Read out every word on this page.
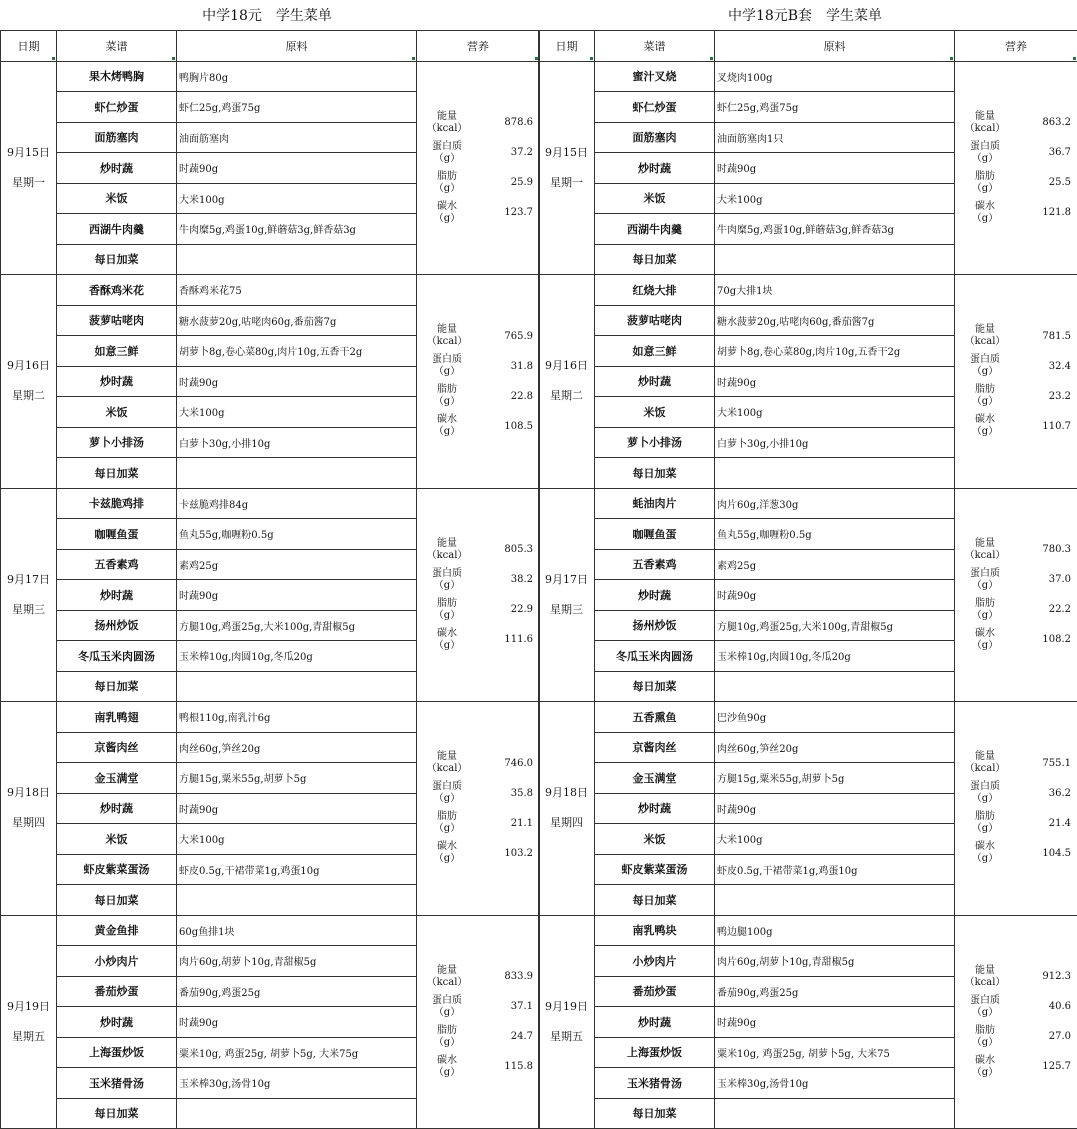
	中学18元　学生菜单	
日期	菜谱	原料	营养

9月15日
星期一
	果木烤鸭胸	鸭胸片80g	
能量
（kcal）	878.6

蛋白质
（g）	37.2

脂肪
（g）	25.9

碳水
（g）	123.7

虾仁炒蛋	虾仁25g,鸡蛋75g
面筋塞肉	油面筋塞肉
炒时蔬	时蔬90g
米饭	大米100g
西湖牛肉羹	牛肉糜5g,鸡蛋10g,鲜蘑菇3g,鲜香菇3g
每日加菜	

9月16日
星期二
	香酥鸡米花	香酥鸡米花75	
能量
（kcal）	765.9

蛋白质
（g）	31.8

脂肪
（g）	22.8

碳水
（g）	108.5

菠萝咕咾肉	糖水菠萝20g,咕咾肉60g,番茄酱7g
如意三鲜	胡萝卜8g,卷心菜80g,肉片10g,五香干2g
炒时蔬	时蔬90g
米饭	大米100g
萝卜小排汤	白萝卜30g,小排10g
每日加菜	

9月17日
星期三
	卡兹脆鸡排	卡兹脆鸡排84g	
能量
（kcal）	805.3

蛋白质
（g）	38.2

脂肪
（g）	22.9

碳水
（g）	111.6

咖喱鱼蛋	鱼丸55g,咖喱粉0.5g
五香素鸡	素鸡25g
炒时蔬	时蔬90g
扬州炒饭	方腿10g,鸡蛋25g,大米100g,青甜椒5g
冬瓜玉米肉圆汤	玉米棒10g,肉圆10g,冬瓜20g
每日加菜	

9月18日
星期四
	南乳鸭翅	鸭根110g,南乳汁6g	
能量
（kcal）	746.0

蛋白质
（g）	35.8

脂肪
（g）	21.1

碳水
（g）	103.2

京酱肉丝	肉丝60g,笋丝20g
金玉满堂	方腿15g,粟米55g,胡萝卜5g
炒时蔬	时蔬90g
米饭	大米100g
虾皮紫菜蛋汤	虾皮0.5g,干裙带菜1g,鸡蛋10g
每日加菜	

9月19日
星期五
	黄金鱼排	60g鱼排1块	
能量
（kcal）	833.9

蛋白质
（g）	37.1

脂肪
（g）	24.7

碳水
（g）	115.8

小炒肉片	肉片60g,胡萝卜10g,青甜椒5g
番茄炒蛋	番茄90g,鸡蛋25g
炒时蔬	时蔬90g
上海蛋炒饭	粟米10g, 鸡蛋25g, 胡萝卜5g, 大米75g
玉米猪骨汤	玉米棒30g,汤骨10g
每日加菜	
	中学18元B套　学生菜单	
日期	菜谱	原料	营养

9月15日
星期一
	蜜汁叉烧	叉烧肉100g	
能量
（kcal）	863.2

蛋白质
（g）	36.7

脂肪
（g）	25.5

碳水
（g）	121.8

虾仁炒蛋	虾仁25g,鸡蛋75g
面筋塞肉	油面筋塞肉1只
炒时蔬	时蔬90g
米饭	大米100g
西湖牛肉羹	牛肉糜5g,鸡蛋10g,鲜蘑菇3g,鲜香菇3g
每日加菜	

9月16日
星期二
	红烧大排	70g大排1块	
能量
（kcal）	781.5

蛋白质
（g）	32.4

脂肪
（g）	23.2

碳水
（g）	110.7

菠萝咕咾肉	糖水菠萝20g,咕咾肉60g,番茄酱7g
如意三鲜	胡萝卜8g,卷心菜80g,肉片10g,五香干2g
炒时蔬	时蔬90g
米饭	大米100g
萝卜小排汤	白萝卜30g,小排10g
每日加菜	

9月17日
星期三
	蚝油肉片	肉片60g,洋葱30g	
能量
（kcal）	780.3

蛋白质
（g）	37.0

脂肪
（g）	22.2

碳水
（g）	108.2

咖喱鱼蛋	鱼丸55g,咖喱粉0.5g
五香素鸡	素鸡25g
炒时蔬	时蔬90g
扬州炒饭	方腿10g,鸡蛋25g,大米100g,青甜椒5g
冬瓜玉米肉圆汤	玉米棒10g,肉圆10g,冬瓜20g
每日加菜	

9月18日
星期四
	五香熏鱼	巴沙鱼90g	
能量
（kcal）	755.1

蛋白质
（g）	36.2

脂肪
（g）	21.4

碳水
（g）	104.5

京酱肉丝	肉丝60g,笋丝20g
金玉满堂	方腿15g,粟米55g,胡萝卜5g
炒时蔬	时蔬90g
米饭	大米100g
虾皮紫菜蛋汤	虾皮0.5g,干裙带菜1g,鸡蛋10g
每日加菜	

9月19日
星期五
	南乳鸭块	鸭边腿100g	
能量
（kcal）	912.3

蛋白质
（g）	40.6

脂肪
（g）	27.0

碳水
（g）	125.7

小炒肉片	肉片60g,胡萝卜10g,青甜椒5g
番茄炒蛋	番茄90g,鸡蛋25g
炒时蔬	时蔬90g
上海蛋炒饭	粟米10g, 鸡蛋25g, 胡萝卜5g, 大米75
玉米猪骨汤	玉米棒30g,汤骨10g
每日加菜	
